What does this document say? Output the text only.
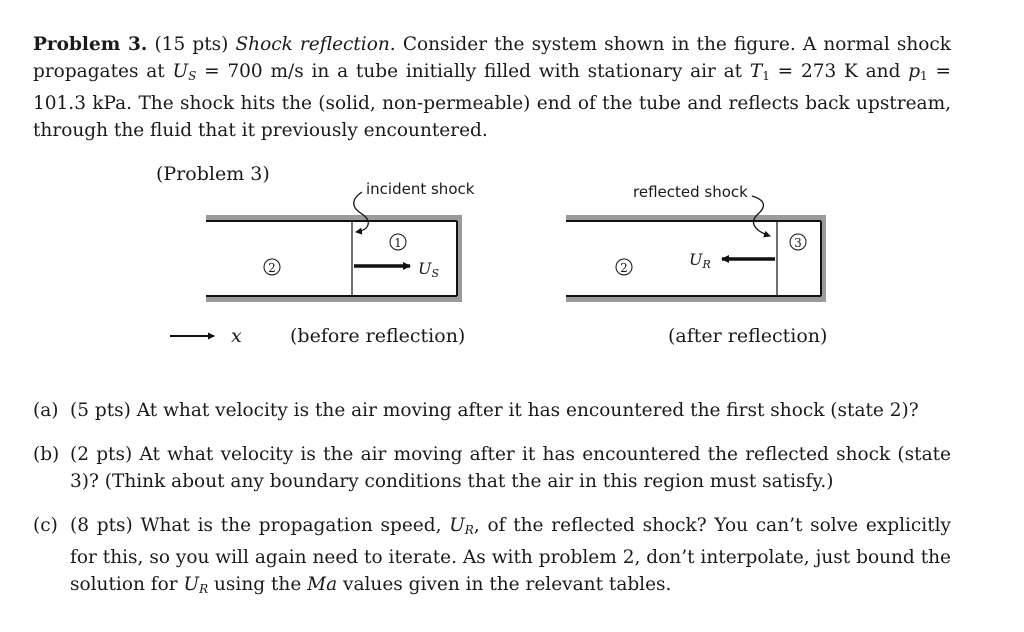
Problem 3. (15 pts) Shock reflection. Consider the system shown in the figure. A normal shock propagates at $U_S = 700$ m/s in a tube initially filled with stationary air at $T_1 = 273$ K and $p_1 = 101.3$ kPa. The shock hits the (solid, non-permeable) end of the tube and reflects back upstream, through the fluid that it previously encountered.
(Problem 3)
incident shock
1
2	US
(before reflection)
reflected shock
3
2	UR
(after reflection)
x
(a) (5 pts) At what velocity is the air moving after it has encountered the first shock (state 2)?
(b) (2 pts) At what velocity is the air moving after it has encountered the reflected shock (state 3)? (Think about any boundary conditions that the air in this region must satisfy.)
(c) (8 pts) What is the propagation speed, $U_R$, of the reflected shock? You can’t solve explicitly for this, so you will again need to iterate. As with problem 2, don’t interpolate, just bound the solution for $U_R$ using the Ma values given in the relevant tables.
